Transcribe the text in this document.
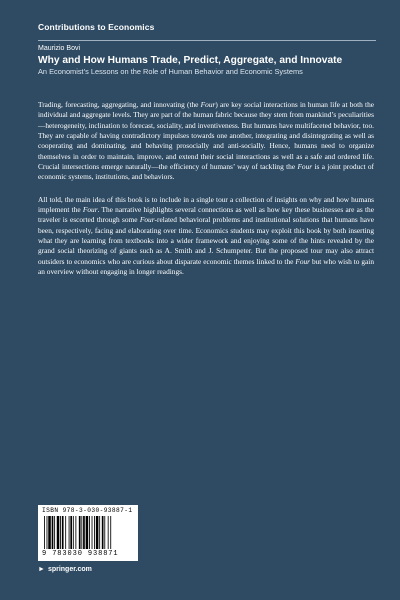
Contributions to Economics
Maurizio Bovi
Why and How Humans Trade, Predict, Aggregate, and Innovate
An Economist’s Lessons on the Role of Human Behavior and Economic Systems

Trading, forecasting, aggregating, and innovating (the Four) are key social interactions in human life at both the individual and aggregate levels. They are part of the human fabric because they stem from mankind’s peculiarities—heterogeneity, inclination to forecast, sociality, and inventiveness. But humans have multifaceted behavior, too. They are capable of having contradictory impulses towards one another, integrating and disintegrating as well as cooperating and dominating, and behaving prosocially and anti-socially. Hence, humans need to organize themselves in order to maintain, improve, and extend their social interactions as well as a safe and ordered life. Crucial intersections emerge naturally—the efficiency of humans’ way of tackling the Four is a joint product of economic systems, institutions, and behaviors.

All told, the main idea of this book is to include in a single tour a collection of insights on why and how humans implement the Four. The narrative highlights several connections as well as how key these businesses are as the traveler is escorted through some Four-related behavioral problems and institutional solutions that humans have been, respectively, facing and elaborating over time. Economics students may exploit this book by both inserting what they are learning from textbooks into a wider framework and enjoying some of the hints revealed by the grand social theorizing of giants such as A. Smith and J. Schumpeter. But the proposed tour may also attract outsiders to economics who are curious about disparate economic themes linked to the Four but who wish to gain an overview without engaging in longer readings.

ISBN 978-3-030-93887-1
9 783030 938871
► springer.com
